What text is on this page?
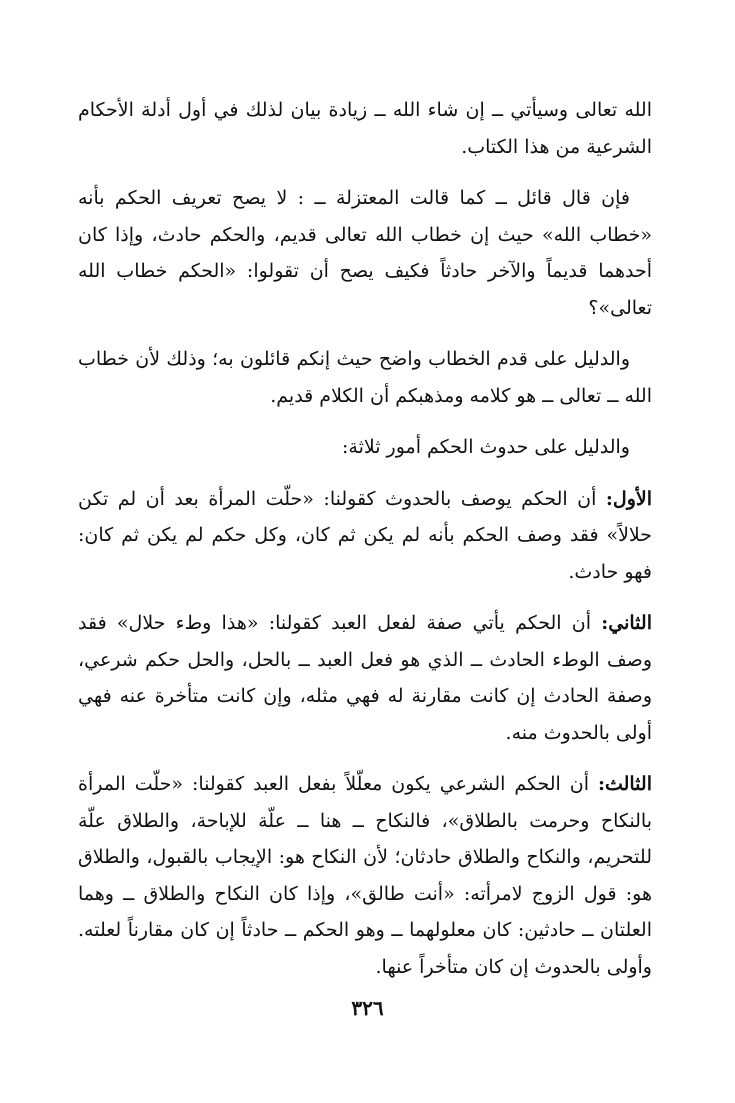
الله تعالى وسيأتي ــ إن شاء الله ــ زيادة بيان لذلك في أول أدلة الأحكام الشرعية من هذا الكتاب.

فإن قال قائل ــ كما قالت المعتزلة ــ : لا يصح تعريف الحكم بأنه «خطاب الله» حيث إن خطاب الله تعالى قديم، والحكم حادث، وإذا كان أحدهما قديماً والآخر حادثاً فكيف يصح أن تقولوا: «الحكم خطاب الله تعالى»؟

والدليل على قدم الخطاب واضح حيث إنكم قائلون به؛ وذلك لأن خطاب الله ــ تعالى ــ هو كلامه ومذهبكم أن الكلام قديم.

والدليل على حدوث الحكم أمور ثلاثة:

الأول: أن الحكم يوصف بالحدوث كقولنا: «حلّت المرأة بعد أن لم تكن حلالاً» فقد وصف الحكم بأنه لم يكن ثم كان، وكل حكم لم يكن ثم كان: فهو حادث.

الثاني: أن الحكم يأتي صفة لفعل العبد كقولنا: «هذا وطء حلال» فقد وصف الوطء الحادث ــ الذي هو فعل العبد ــ بالحل، والحل حكم شرعي، وصفة الحادث إن كانت مقارنة له فهي مثله، وإن كانت متأخرة عنه فهي أولى بالحدوث منه.

الثالث: أن الحكم الشرعي يكون معلّلاً بفعل العبد كقولنا: «حلّت المرأة بالنكاح وحرمت بالطلاق»، فالنكاح ــ هنا ــ علّة للإباحة، والطلاق علّة للتحريم، والنكاح والطلاق حادثان؛ لأن النكاح هو: الإيجاب بالقبول، والطلاق هو: قول الزوج لامرأته: «أنت طالق»، وإذا كان النكاح والطلاق ــ وهما العلتان ــ حادثين: كان معلولهما ــ وهو الحكم ــ حادثاً إن كان مقارناً لعلته. وأولى بالحدوث إن كان متأخراً عنها.

٣٢٦
